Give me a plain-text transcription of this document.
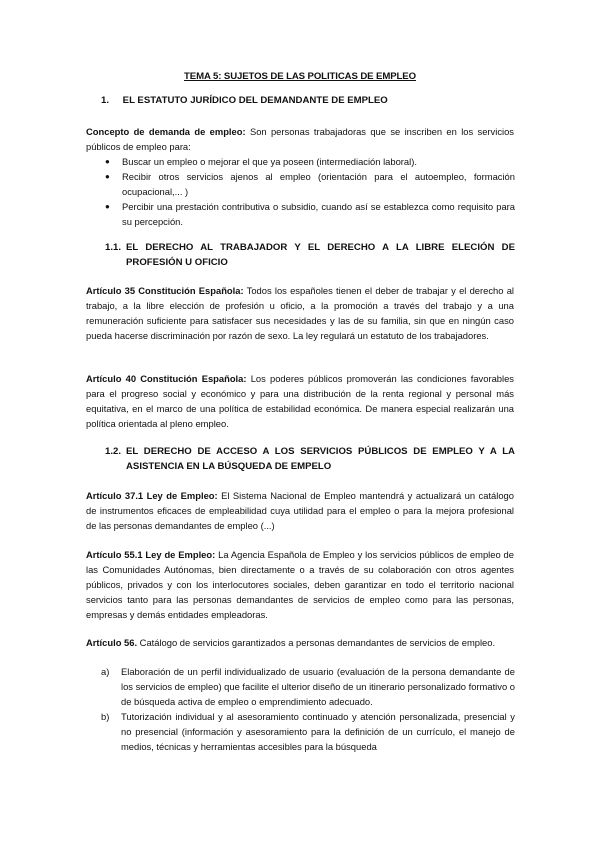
TEMA 5: SUJETOS DE LAS POLITICAS DE EMPLEO
1. EL ESTATUTO JURÍDICO DEL DEMANDANTE DE EMPLEO
Concepto de demanda de empleo: Son personas trabajadoras que se inscriben en los servicios públicos de empleo para:
● Buscar un empleo o mejorar el que ya poseen (intermediación laboral).
● Recibir otros servicios ajenos al empleo (orientación para el autoempleo, formación ocupacional,... )
● Percibir una prestación contributiva o subsidio, cuando así se establezca como requisito para su percepción.
1.1. EL DERECHO AL TRABAJADOR Y EL DERECHO A LA LIBRE ELECIÓN DE PROFESIÓN U OFICIO
Artículo 35 Constitución Española: Todos los españoles tienen el deber de trabajar y el derecho al trabajo, a la libre elección de profesión u oficio, a la promoción a través del trabajo y a una remuneración suficiente para satisfacer sus necesidades y las de su familia, sin que en ningún caso pueda hacerse discriminación por razón de sexo. La ley regulará un estatuto de los trabajadores.
Artículo 40 Constitución Española: Los poderes públicos promoverán las condiciones favorables para el progreso social y económico y para una distribución de la renta regional y personal más equitativa, en el marco de una política de estabilidad económica. De manera especial realizarán una política orientada al pleno empleo.
1.2. EL DERECHO DE ACCESO A LOS SERVICIOS PÚBLICOS DE EMPLEO Y A LA ASISTENCIA EN LA BÚSQUEDA DE EMPELO
Artículo 37.1 Ley de Empleo: El Sistema Nacional de Empleo mantendrá y actualizará un catálogo de instrumentos eficaces de empleabilidad cuya utilidad para el empleo o para la mejora profesional de las personas demandantes de empleo (...)
Artículo 55.1 Ley de Empleo: La Agencia Española de Empleo y los servicios públicos de empleo de las Comunidades Autónomas, bien directamente o a través de su colaboración con otros agentes públicos, privados y con los interlocutores sociales, deben garantizar en todo el territorio nacional servicios tanto para las personas demandantes de servicios de empleo como para las personas, empresas y demás entidades empleadoras.
Artículo 56. Catálogo de servicios garantizados a personas demandantes de servicios de empleo.
a) Elaboración de un perfil individualizado de usuario (evaluación de la persona demandante de los servicios de empleo) que facilite el ulterior diseño de un itinerario personalizado formativo o de búsqueda activa de empleo o emprendimiento adecuado.
b) Tutorización individual y al asesoramiento continuado y atención personalizada, presencial y no presencial (información y asesoramiento para la definición de un currículo, el manejo de medios, técnicas y herramientas accesibles para la búsqueda
